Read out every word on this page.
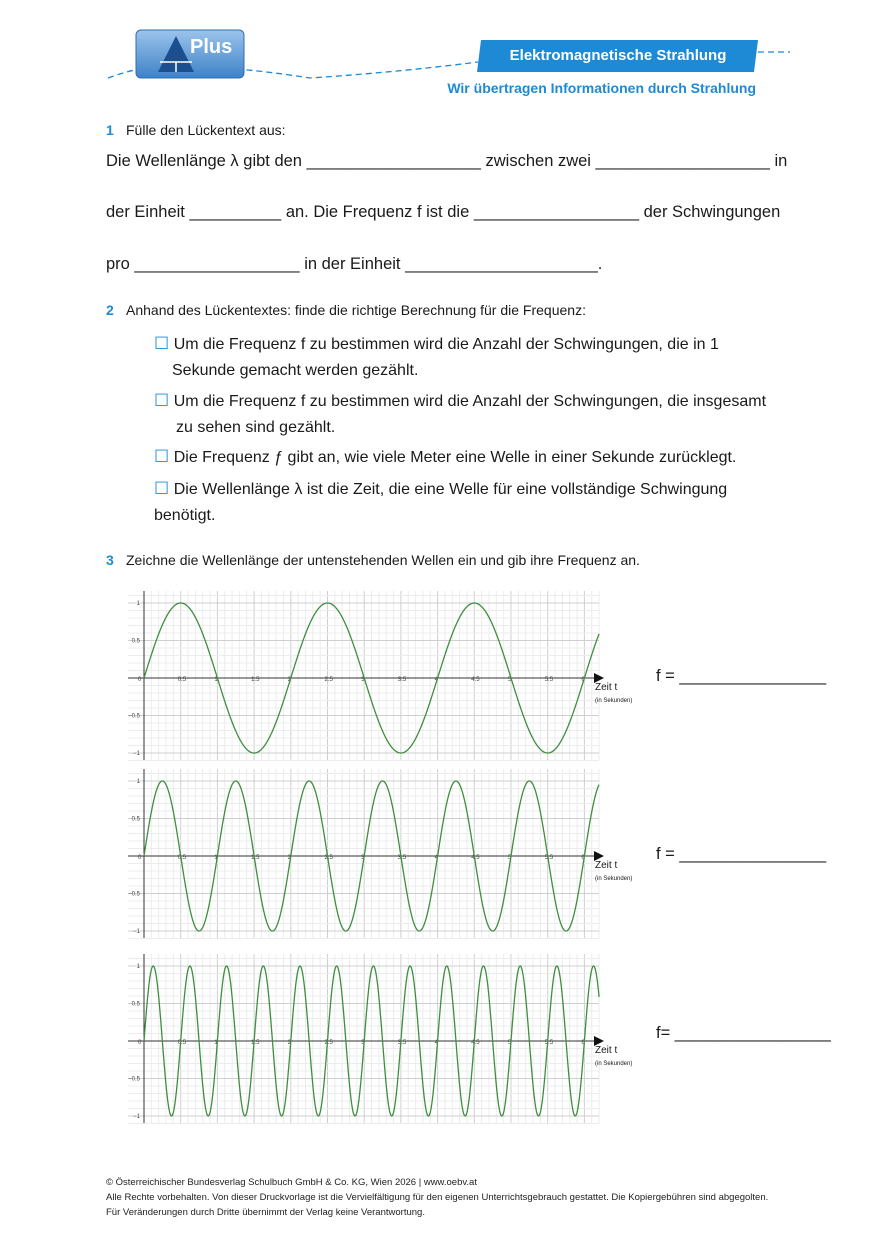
Plus	Elektromagnetische Strahlung
Wir übertragen Informationen durch Strahlung
1 Fülle den Lückentext aus:
Die Wellenlänge λ gibt den ___________________ zwischen zwei ___________________ in
der Einheit __________ an. Die Frequenz f ist die __________________ der Schwingungen
pro __________________ in der Einheit _____________________.
2 Anhand des Lückentextes: finde die richtige Berechnung für die Frequenz:
☐ Um die Frequenz f zu bestimmen wird die Anzahl der Schwingungen, die in 1
Sekunde gemacht werden gezählt.
☐ Um die Frequenz f zu bestimmen wird die Anzahl der Schwingungen, die insgesamt
zu sehen sind gezählt.
☐ Die Frequenz ƒ gibt an, wie viele Meter eine Welle in einer Sekunde zurücklegt.
☐ Die Wellenlänge λ ist die Zeit, die eine Welle für eine vollständige Schwingung
benötigt.
3 Zeichne die Wellenlänge der untenstehenden Wellen ein und gib ihre Frequenz an.
0	0.5	1	1.5	2	2.5	3	3.5	4	4.5	5	5.5	6
1
0.5
−0.5
−1
Zeit t
(in Sekunden)
0	0.5	1	1.5	2	2.5	3	3.5	4	4.5	5	5.5	6
1
0.5
−0.5
−1
Zeit t
(in Sekunden)
0	0.5	1	1.5	2	2.5	3	3.5	4	4.5	5	5.5	6
1
0.5
−0.5
−1
Zeit t
(in Sekunden)
f = ________________
f = ________________
f= _________________
© Österreichischer Bundesverlag Schulbuch GmbH & Co. KG, Wien 2026 | www.oebv.at
Alle Rechte vorbehalten. Von dieser Druckvorlage ist die Vervielfältigung für den eigenen Unterrichtsgebrauch gestattet. Die Kopiergebühren sind abgegolten.
Für Veränderungen durch Dritte übernimmt der Verlag keine Verantwortung.
